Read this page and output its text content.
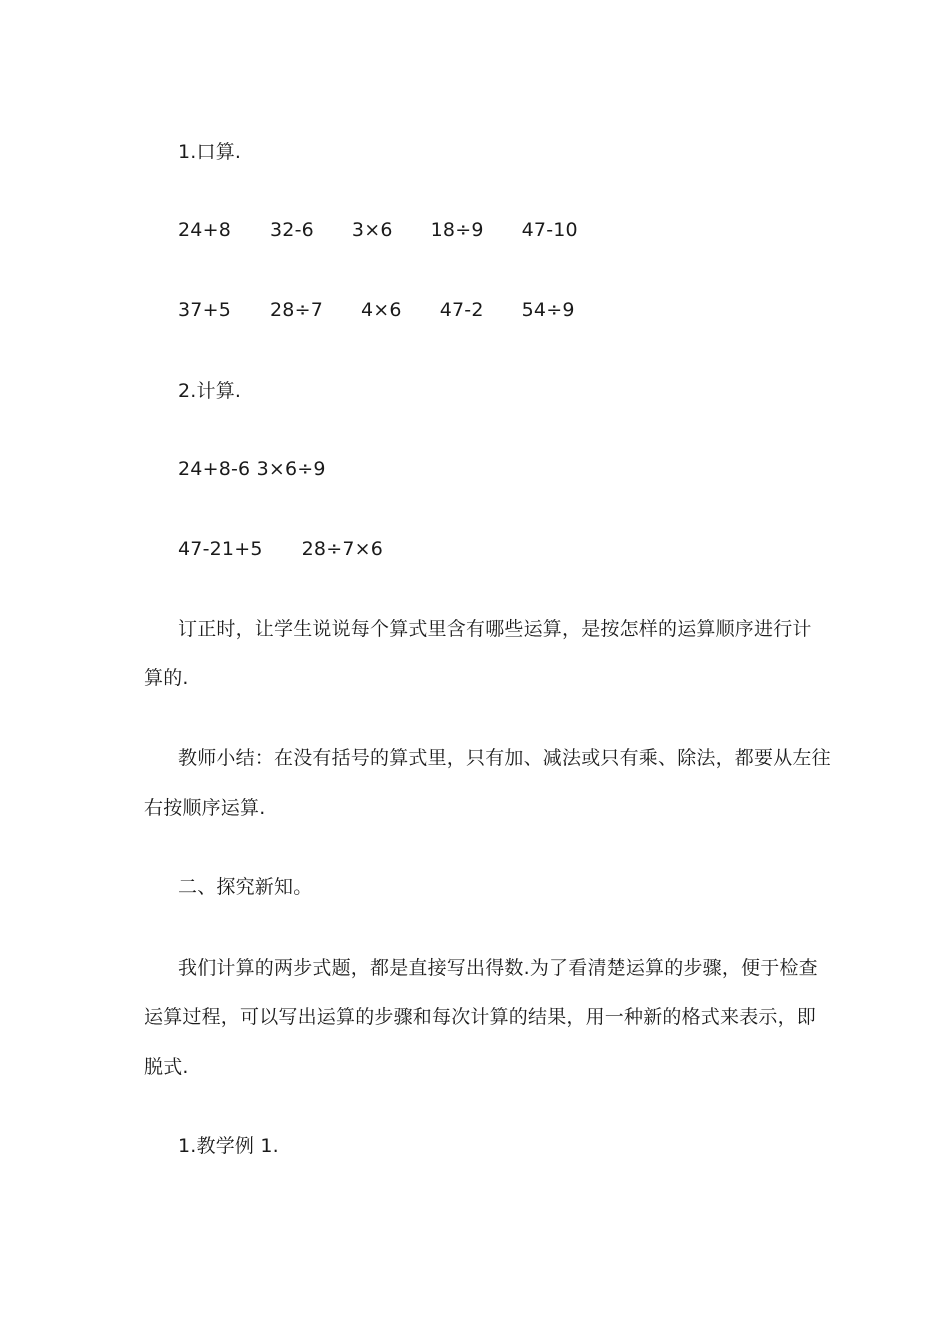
1.口算.
24+8 32-6 3×6 18÷9 47-10
37+5 28÷7 4×6 47-2 54÷9
2.计算.
24+8-6 3×6÷9
47-21+5 28÷7×6
订正时，让学生说说每个算式里含有哪些运算，是按怎样的运算顺序进行计
算的.
教师小结：在没有括号的算式里，只有加、减法或只有乘、除法，都要从左往
右按顺序运算.
二、探究新知。
我们计算的两步式题，都是直接写出得数.为了看清楚运算的步骤，便于检查
运算过程，可以写出运算的步骤和每次计算的结果，用一种新的格式来表示，即
脱式.
1.教学例 1.
